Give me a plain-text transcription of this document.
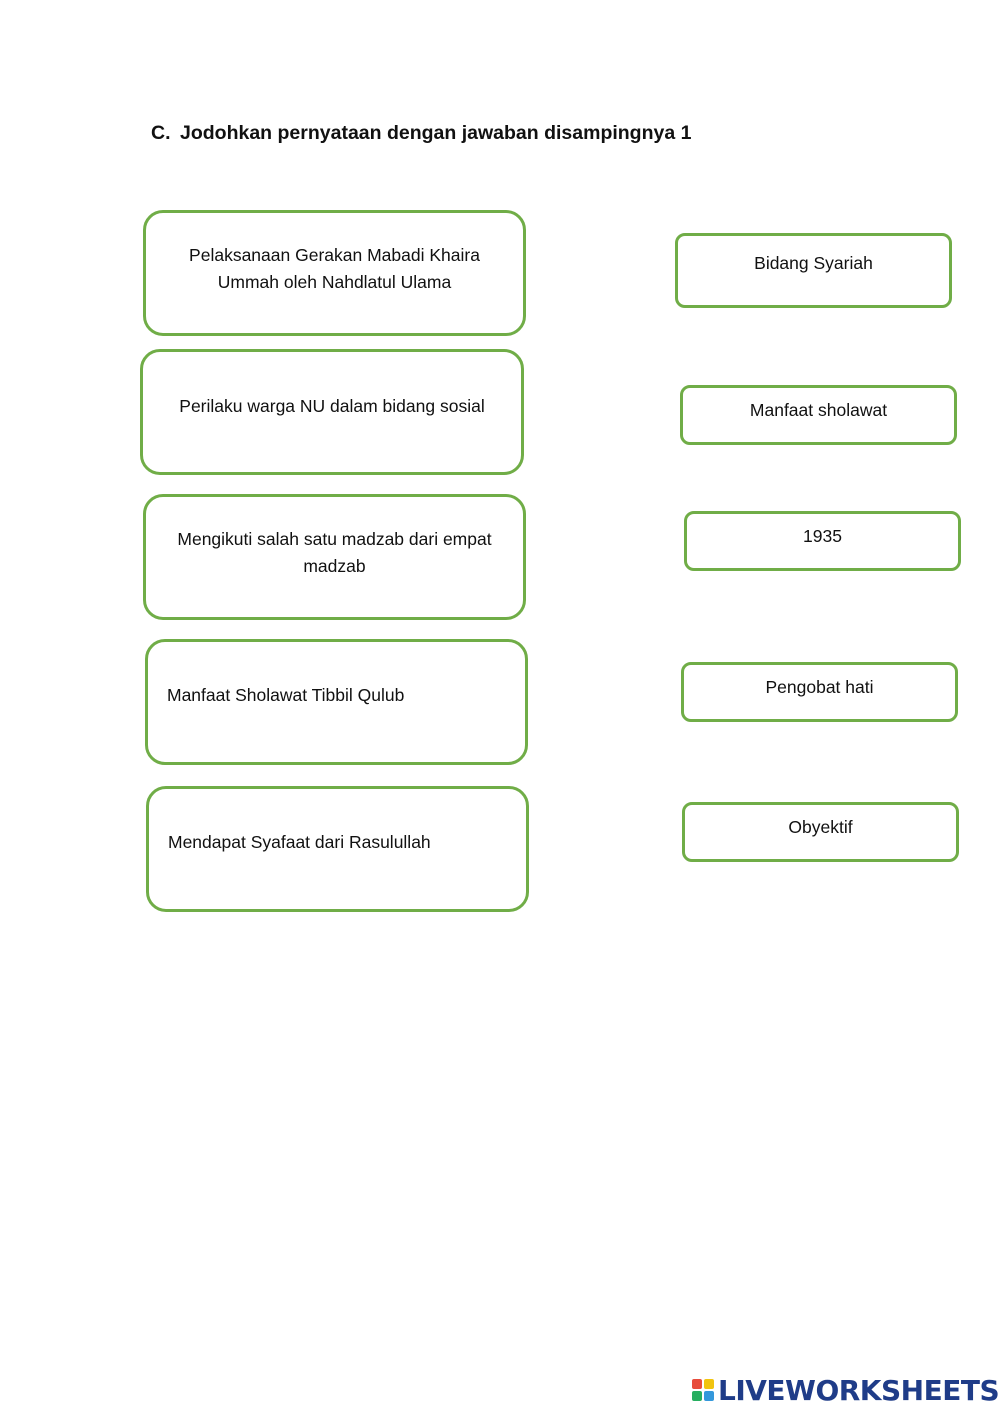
C. Jodohkan pernyataan dengan jawaban disampingnya 1
Pelaksanaan Gerakan Mabadi Khaira Ummah oleh Nahdlatul Ulama
Perilaku warga NU dalam bidang sosial
Mengikuti salah satu madzab dari empat madzab
Manfaat Sholawat Tibbil Qulub
Mendapat Syafaat dari Rasulullah
Bidang Syariah
Manfaat sholawat
1935
Pengobat hati
Obyektif
LIVEWORKSHEETS
